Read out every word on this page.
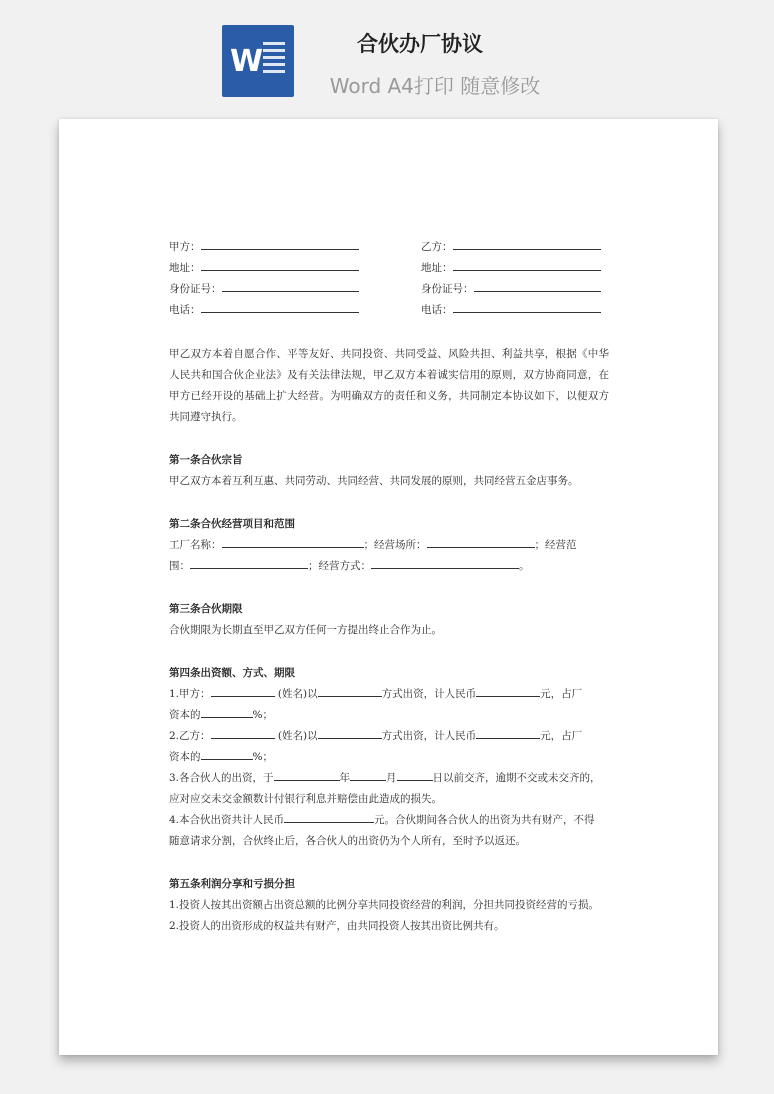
W	合伙办厂协议
Word A4打印 随意修改
甲方：
地址：
身份证号：
电话：
乙方：
地址：
身份证号：
电话：

甲乙双方本着自愿合作、平等友好、共同投资、共同受益、风险共担、利益共享，根据《中华人民共和国合伙企业法》及有关法律法规，甲乙双方本着诚实信用的原则，双方协商同意，在甲方已经开设的基础上扩大经营。为明确双方的责任和义务，共同制定本协议如下，以便双方共同遵守执行。

第一条合伙宗旨

甲乙双方本着互利互惠、共同劳动、共同经营、共同发展的原则，共同经营五金店事务。

第二条合伙经营项目和范围

工厂名称：	；经营场所：	；经营范

围：	；经营方式：	。

第三条合伙期限

合伙期限为长期直至甲乙双方任何一方提出终止合作为止。

第四条出资额、方式、期限

1.甲方：	(姓名)以	方式出资，计人民币	元，占厂

资本的	%；

2.乙方：	(姓名)以	方式出资，计人民币	元，占厂

资本的	%；

3.各合伙人的出资，于	年	月	日以前交齐，逾期不交或未交齐的，

应对应交未交金额数计付银行利息并赔偿由此造成的损失。

4.本合伙出资共计人民币	元。合伙期间各合伙人的出资为共有财产，不得

随意请求分割，合伙终止后，各合伙人的出资仍为个人所有，至时予以返还。

第五条利润分享和亏损分担

1.投资人按其出资额占出资总额的比例分享共同投资经营的利润，分担共同投资经营的亏损。

2.投资人的出资形成的权益共有财产，由共同投资人按其出资比例共有。
